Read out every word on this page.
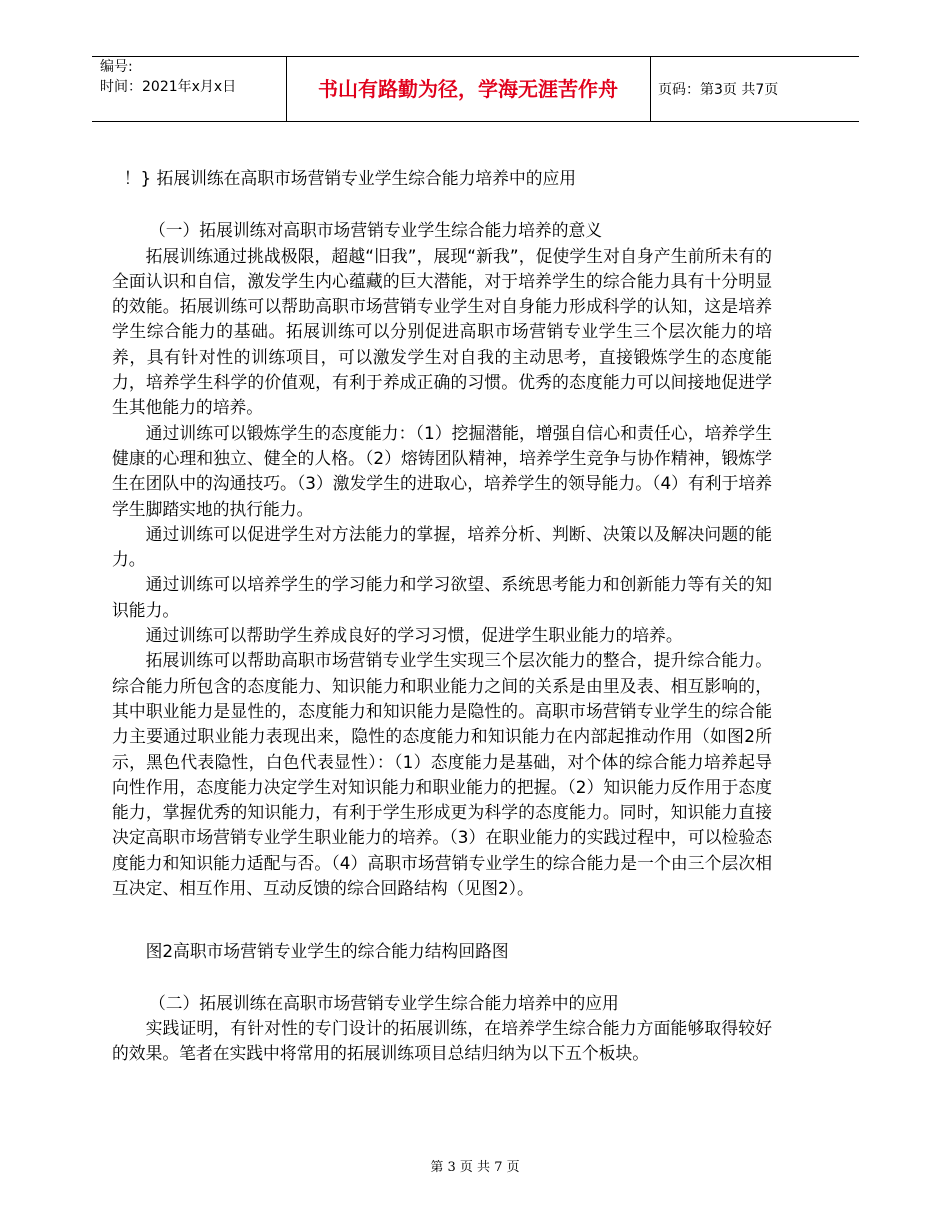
编号:
时间：2021年x月x日	书山有路勤为径，学海无涯苦作舟	页码：第3页 共7页

！} 拓展训练在高职市场营销专业学生综合能力培养中的应用

（一）拓展训练对高职市场营销专业学生综合能力培养的意义

拓展训练通过挑战极限，超越“旧我”，展现“新我”，促使学生对自身产生前所未有的全面认识和自信，激发学生内心蕴藏的巨大潜能，对于培养学生的综合能力具有十分明显的效能。拓展训练可以帮助高职市场营销专业学生对自身能力形成科学的认知，这是培养学生综合能力的基础。拓展训练可以分别促进高职市场营销专业学生三个层次能力的培养，具有针对性的训练项目，可以激发学生对自我的主动思考，直接锻炼学生的态度能力，培养学生科学的价值观，有利于养成正确的习惯。优秀的态度能力可以间接地促进学生其他能力的培养。

通过训练可以锻炼学生的态度能力：（1）挖掘潜能，增强自信心和责任心，培养学生健康的心理和独立、健全的人格。（2）熔铸团队精神，培养学生竞争与协作精神，锻炼学生在团队中的沟通技巧。（3）激发学生的进取心，培养学生的领导能力。（4）有利于培养学生脚踏实地的执行能力。

通过训练可以促进学生对方法能力的掌握，培养分析、判断、决策以及解决问题的能力。

通过训练可以培养学生的学习能力和学习欲望、系统思考能力和创新能力等有关的知识能力。

通过训练可以帮助学生养成良好的学习习惯，促进学生职业能力的培养。

拓展训练可以帮助高职市场营销专业学生实现三个层次能力的整合，提升综合能力。综合能力所包含的态度能力、知识能力和职业能力之间的关系是由里及表、相互影响的，其中职业能力是显性的，态度能力和知识能力是隐性的。高职市场营销专业学生的综合能力主要通过职业能力表现出来，隐性的态度能力和知识能力在内部起推动作用（如图2所示，黑色代表隐性，白色代表显性）：（1）态度能力是基础，对个体的综合能力培养起导向性作用，态度能力决定学生对知识能力和职业能力的把握。（2）知识能力反作用于态度能力，掌握优秀的知识能力，有利于学生形成更为科学的态度能力。同时，知识能力直接决定高职市场营销专业学生职业能力的培养。（3）在职业能力的实践过程中，可以检验态度能力和知识能力适配与否。（4）高职市场营销专业学生的综合能力是一个由三个层次相互决定、相互作用、互动反馈的综合回路结构（见图2）。

图2高职市场营销专业学生的综合能力结构回路图

（二）拓展训练在高职市场营销专业学生综合能力培养中的应用

实践证明，有针对性的专门设计的拓展训练，在培养学生综合能力方面能够取得较好的效果。笔者在实践中将常用的拓展训练项目总结归纳为以下五个板块。

第 3 页 共 7 页
